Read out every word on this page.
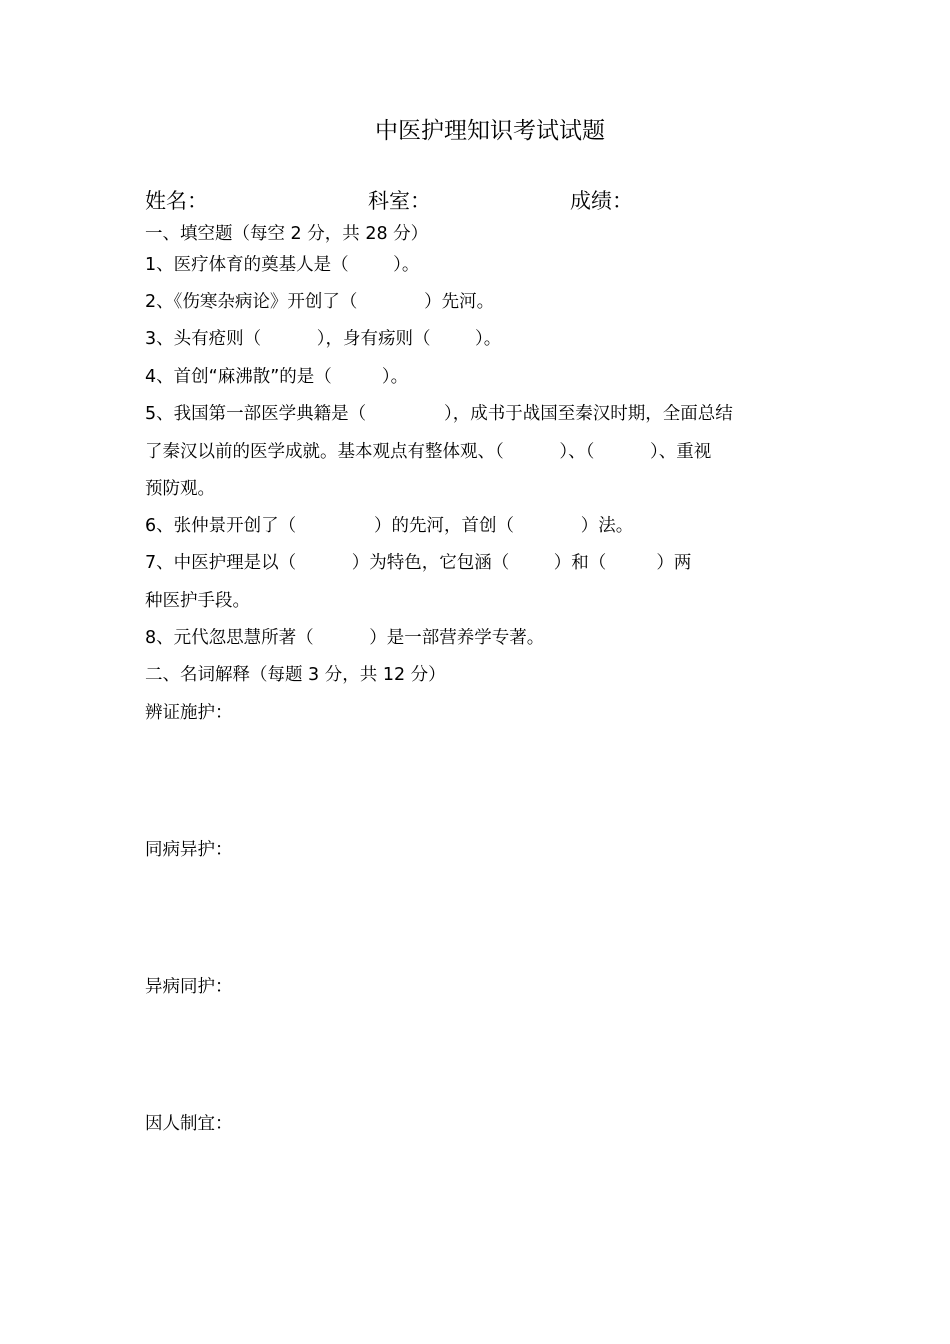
中医护理知识考试试题
姓名：	科室：	成绩：
一、填空题（每空 2 分，共 28 分）
1、医疗体育的奠基人是（        ）。
2、《伤寒杂病论》开创了（            ）先河。
3、头有疮则（          ），身有疡则（        ）。
4、首创“麻沸散”的是（         ）。
5、我国第一部医学典籍是（              ），成书于战国至秦汉时期，全面总结
了秦汉以前的医学成就。基本观点有整体观、（          ）、（          ）、重视
预防观。
6、张仲景开创了（              ）的先河，首创（            ）法。
7、中医护理是以（          ）为特色，它包涵（        ）和（         ）两
种医护手段。
8、元代忽思慧所著（          ）是一部营养学专著。
二、名词解释（每题 3 分，共 12 分）
辨证施护：
同病异护：
异病同护：
因人制宜：
